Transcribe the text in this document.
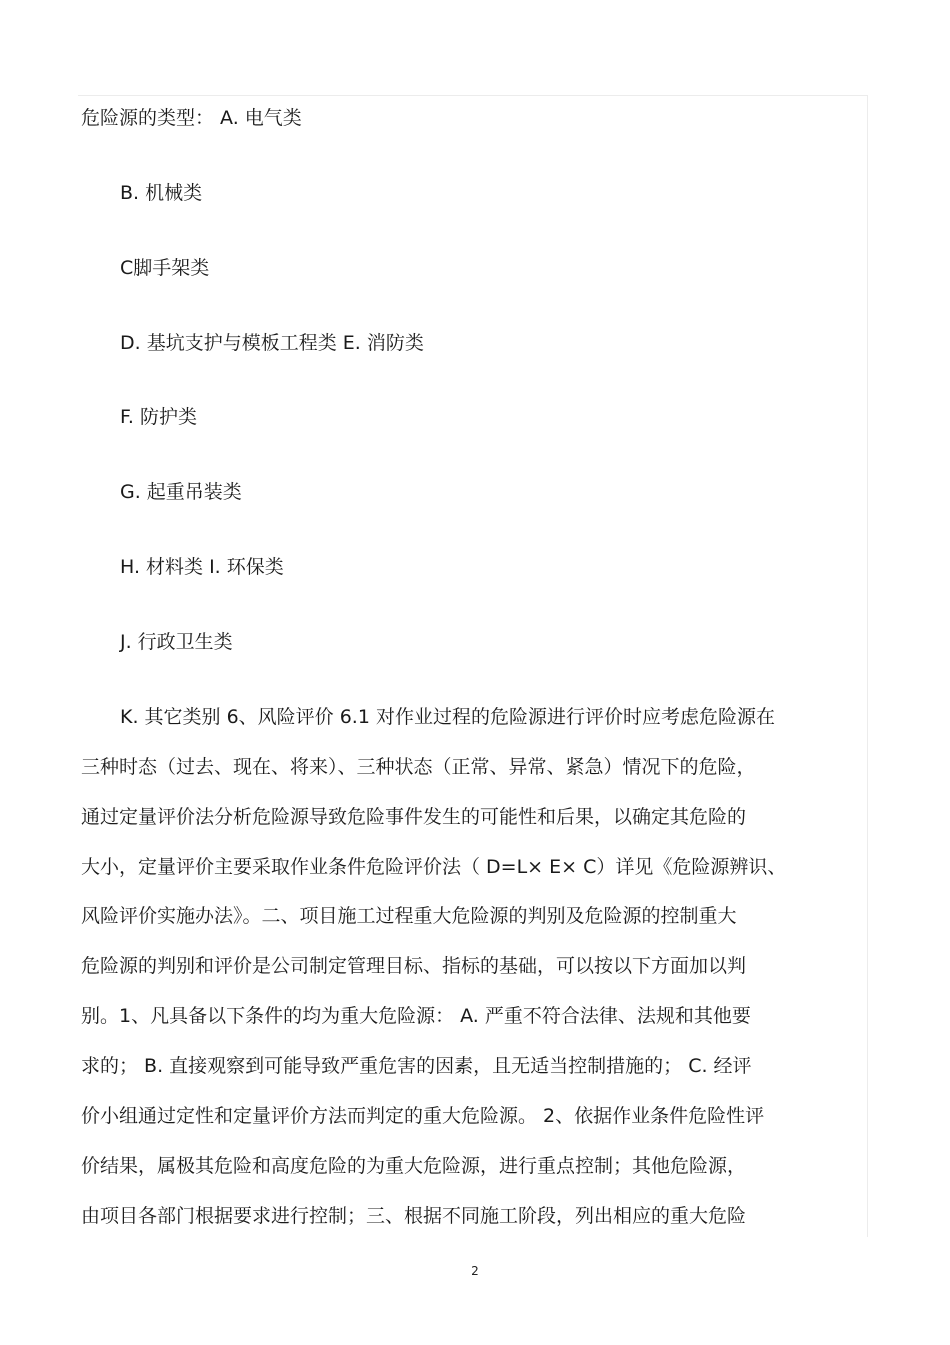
危险源的类型： A. 电气类
B. 机械类
C脚手架类
D. 基坑支护与模板工程类 E. 消防类
F. 防护类
G. 起重吊装类
H. 材料类 I. 环保类
J. 行政卫生类
K. 其它类别 6、风险评价 6.1 对作业过程的危险源进行评价时应考虑危险源在
三种时态（过去、现在、将来）、三种状态（正常、异常、紧急）情况下的危险，
通过定量评价法分析危险源导致危险事件发生的可能性和后果，以确定其危险的
大小，定量评价主要采取作业条件危险评价法（ D=L× E× C）详见《危险源辨识、
风险评价实施办法》。二、项目施工过程重大危险源的判别及危险源的控制重大
危险源的判别和评价是公司制定管理目标、指标的基础，可以按以下方面加以判
别。1、凡具备以下条件的均为重大危险源： A. 严重不符合法律、法规和其他要
求的； B. 直接观察到可能导致严重危害的因素，且无适当控制措施的； C. 经评
价小组通过定性和定量评价方法而判定的重大危险源。 2、依据作业条件危险性评
价结果，属极其危险和高度危险的为重大危险源，进行重点控制；其他危险源，
由项目各部门根据要求进行控制；三、根据不同施工阶段，列出相应的重大危险
2
